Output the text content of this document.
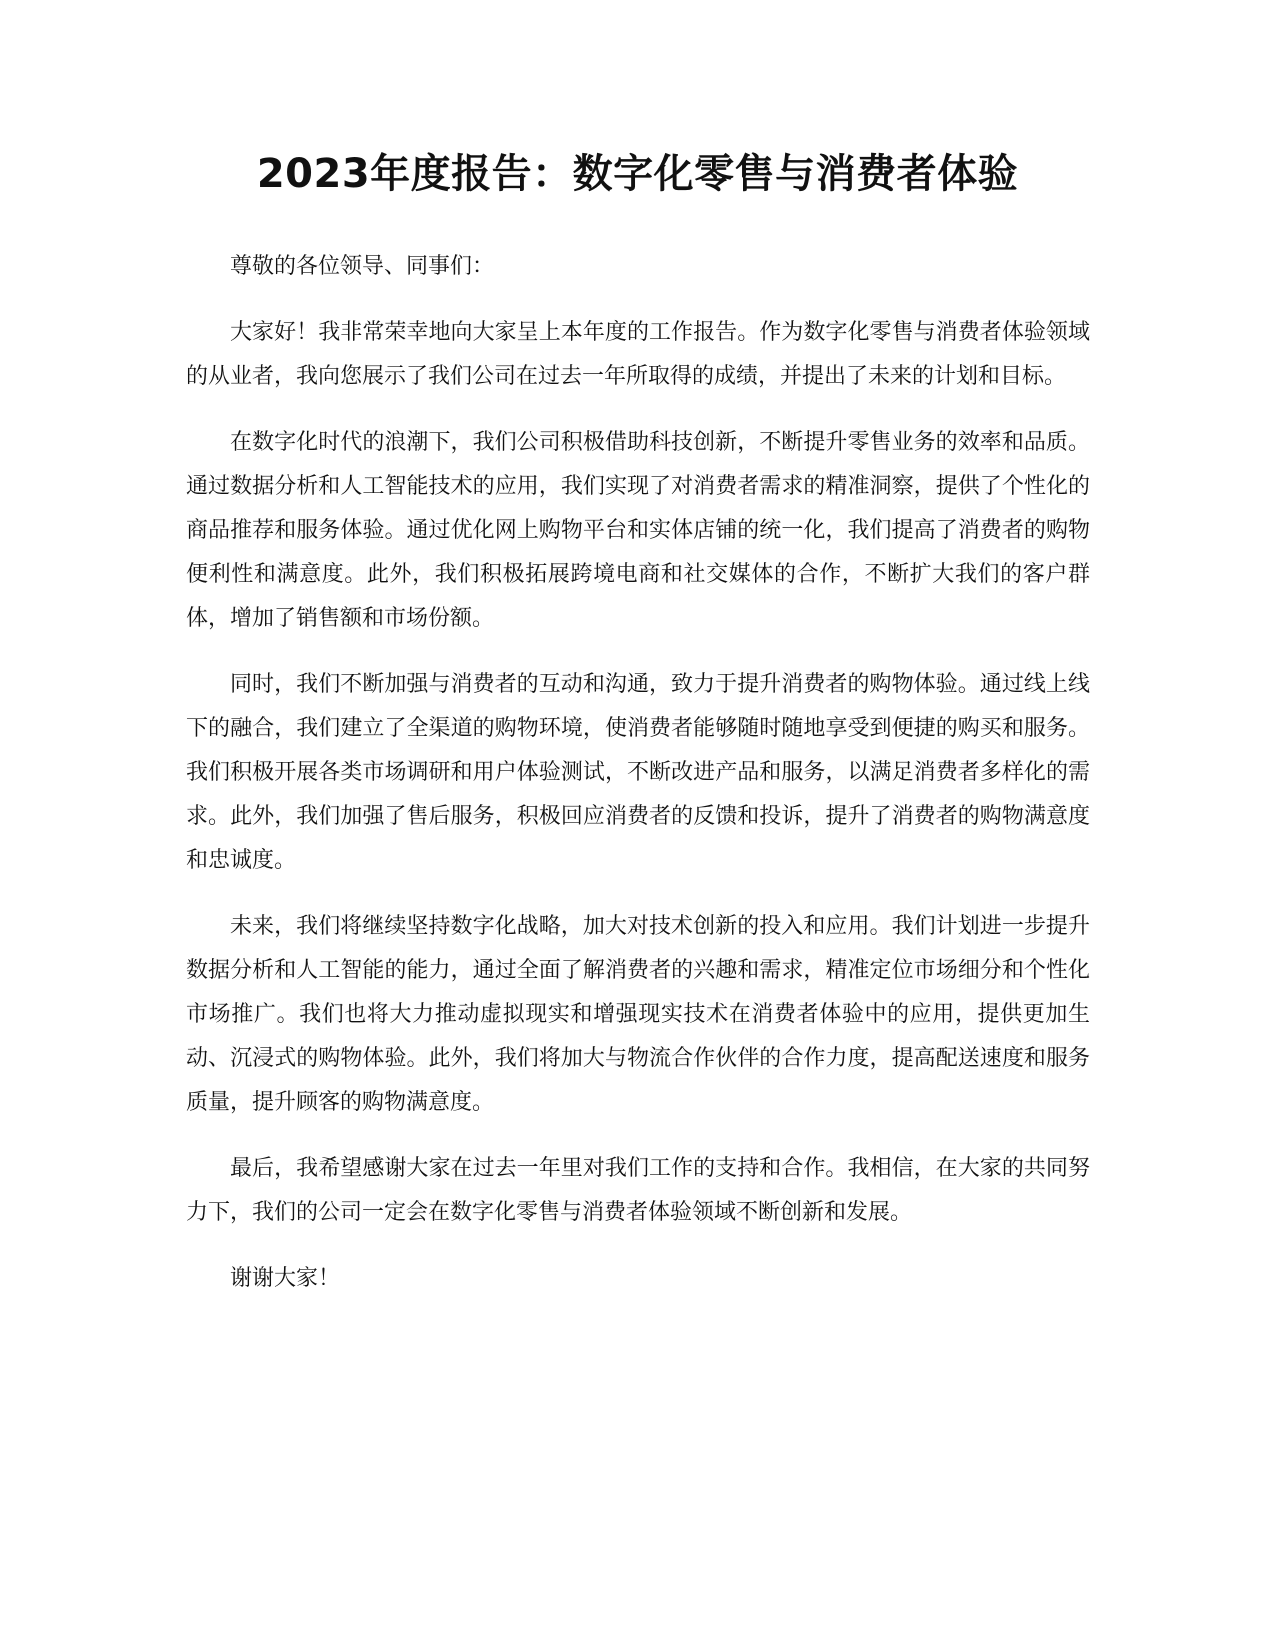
2023年度报告：数字化零售与消费者体验

尊敬的各位领导、同事们：

大家好！我非常荣幸地向大家呈上本年度的工作报告。作为数字化零售与消费者体验领域的从业者，我向您展示了我们公司在过去一年所取得的成绩，并提出了未来的计划和目标。

在数字化时代的浪潮下，我们公司积极借助科技创新，不断提升零售业务的效率和品质。通过数据分析和人工智能技术的应用，我们实现了对消费者需求的精准洞察，提供了个性化的商品推荐和服务体验。通过优化网上购物平台和实体店铺的统一化，我们提高了消费者的购物便利性和满意度。此外，我们积极拓展跨境电商和社交媒体的合作，不断扩大我们的客户群体，增加了销售额和市场份额。

同时，我们不断加强与消费者的互动和沟通，致力于提升消费者的购物体验。通过线上线下的融合，我们建立了全渠道的购物环境，使消费者能够随时随地享受到便捷的购买和服务。我们积极开展各类市场调研和用户体验测试，不断改进产品和服务，以满足消费者多样化的需求。此外，我们加强了售后服务，积极回应消费者的反馈和投诉，提升了消费者的购物满意度和忠诚度。

未来，我们将继续坚持数字化战略，加大对技术创新的投入和应用。我们计划进一步提升数据分析和人工智能的能力，通过全面了解消费者的兴趣和需求，精准定位市场细分和个性化市场推广。我们也将大力推动虚拟现实和增强现实技术在消费者体验中的应用，提供更加生动、沉浸式的购物体验。此外，我们将加大与物流合作伙伴的合作力度，提高配送速度和服务质量，提升顾客的购物满意度。

最后，我希望感谢大家在过去一年里对我们工作的支持和合作。我相信，在大家的共同努力下，我们的公司一定会在数字化零售与消费者体验领域不断创新和发展。

谢谢大家！
